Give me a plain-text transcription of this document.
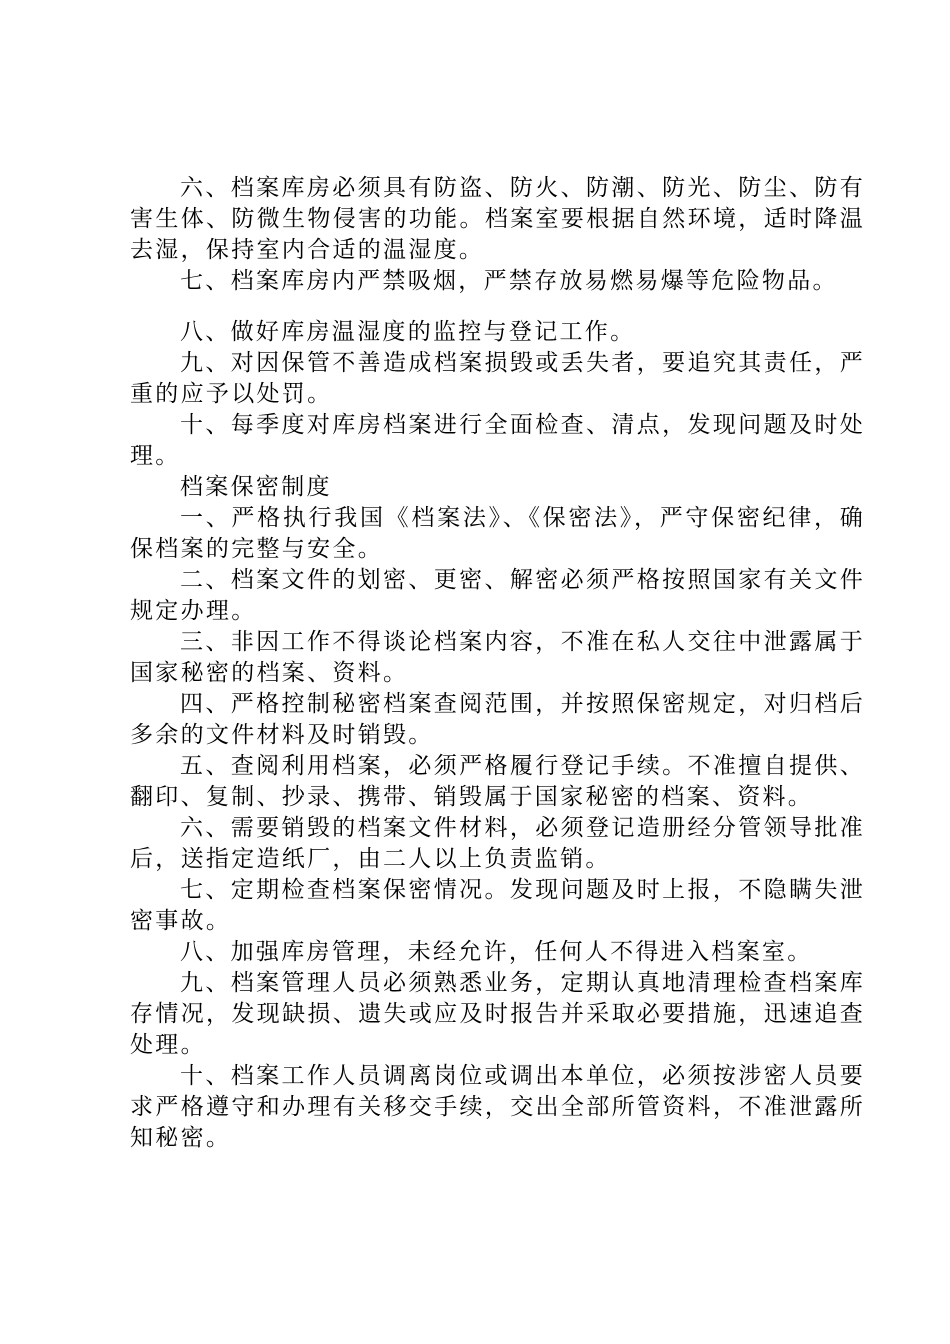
六、档案库房必须具有防盗、防火、防潮、防光、防尘、防有害生体、防微生物侵害的功能。档案室要根据自然环境，适时降温去湿，保持室内合适的温湿度。

七、档案库房内严禁吸烟，严禁存放易燃易爆等危险物品。

八、做好库房温湿度的监控与登记工作。

九、对因保管不善造成档案损毁或丢失者，要追究其责任，严重的应予以处罚。

十、每季度对库房档案进行全面检查、清点，发现问题及时处理。

档案保密制度

一、严格执行我国《档案法》、《保密法》，严守保密纪律，确保档案的完整与安全。

二、档案文件的划密、更密、解密必须严格按照国家有关文件规定办理。

三、非因工作不得谈论档案内容，不准在私人交往中泄露属于国家秘密的档案、资料。

四、严格控制秘密档案查阅范围，并按照保密规定，对归档后多余的文件材料及时销毁。

五、查阅利用档案，必须严格履行登记手续。不准擅自提供、翻印、复制、抄录、携带、销毁属于国家秘密的档案、资料。

六、需要销毁的档案文件材料，必须登记造册经分管领导批准后，送指定造纸厂，由二人以上负责监销。

七、定期检查档案保密情况。发现问题及时上报，不隐瞒失泄密事故。

八、加强库房管理，未经允许，任何人不得进入档案室。

九、档案管理人员必须熟悉业务，定期认真地清理检查档案库存情况，发现缺损、遗失或应及时报告并采取必要措施，迅速追查处理。

十、档案工作人员调离岗位或调出本单位，必须按涉密人员要求严格遵守和办理有关移交手续，交出全部所管资料，不准泄露所知秘密。
